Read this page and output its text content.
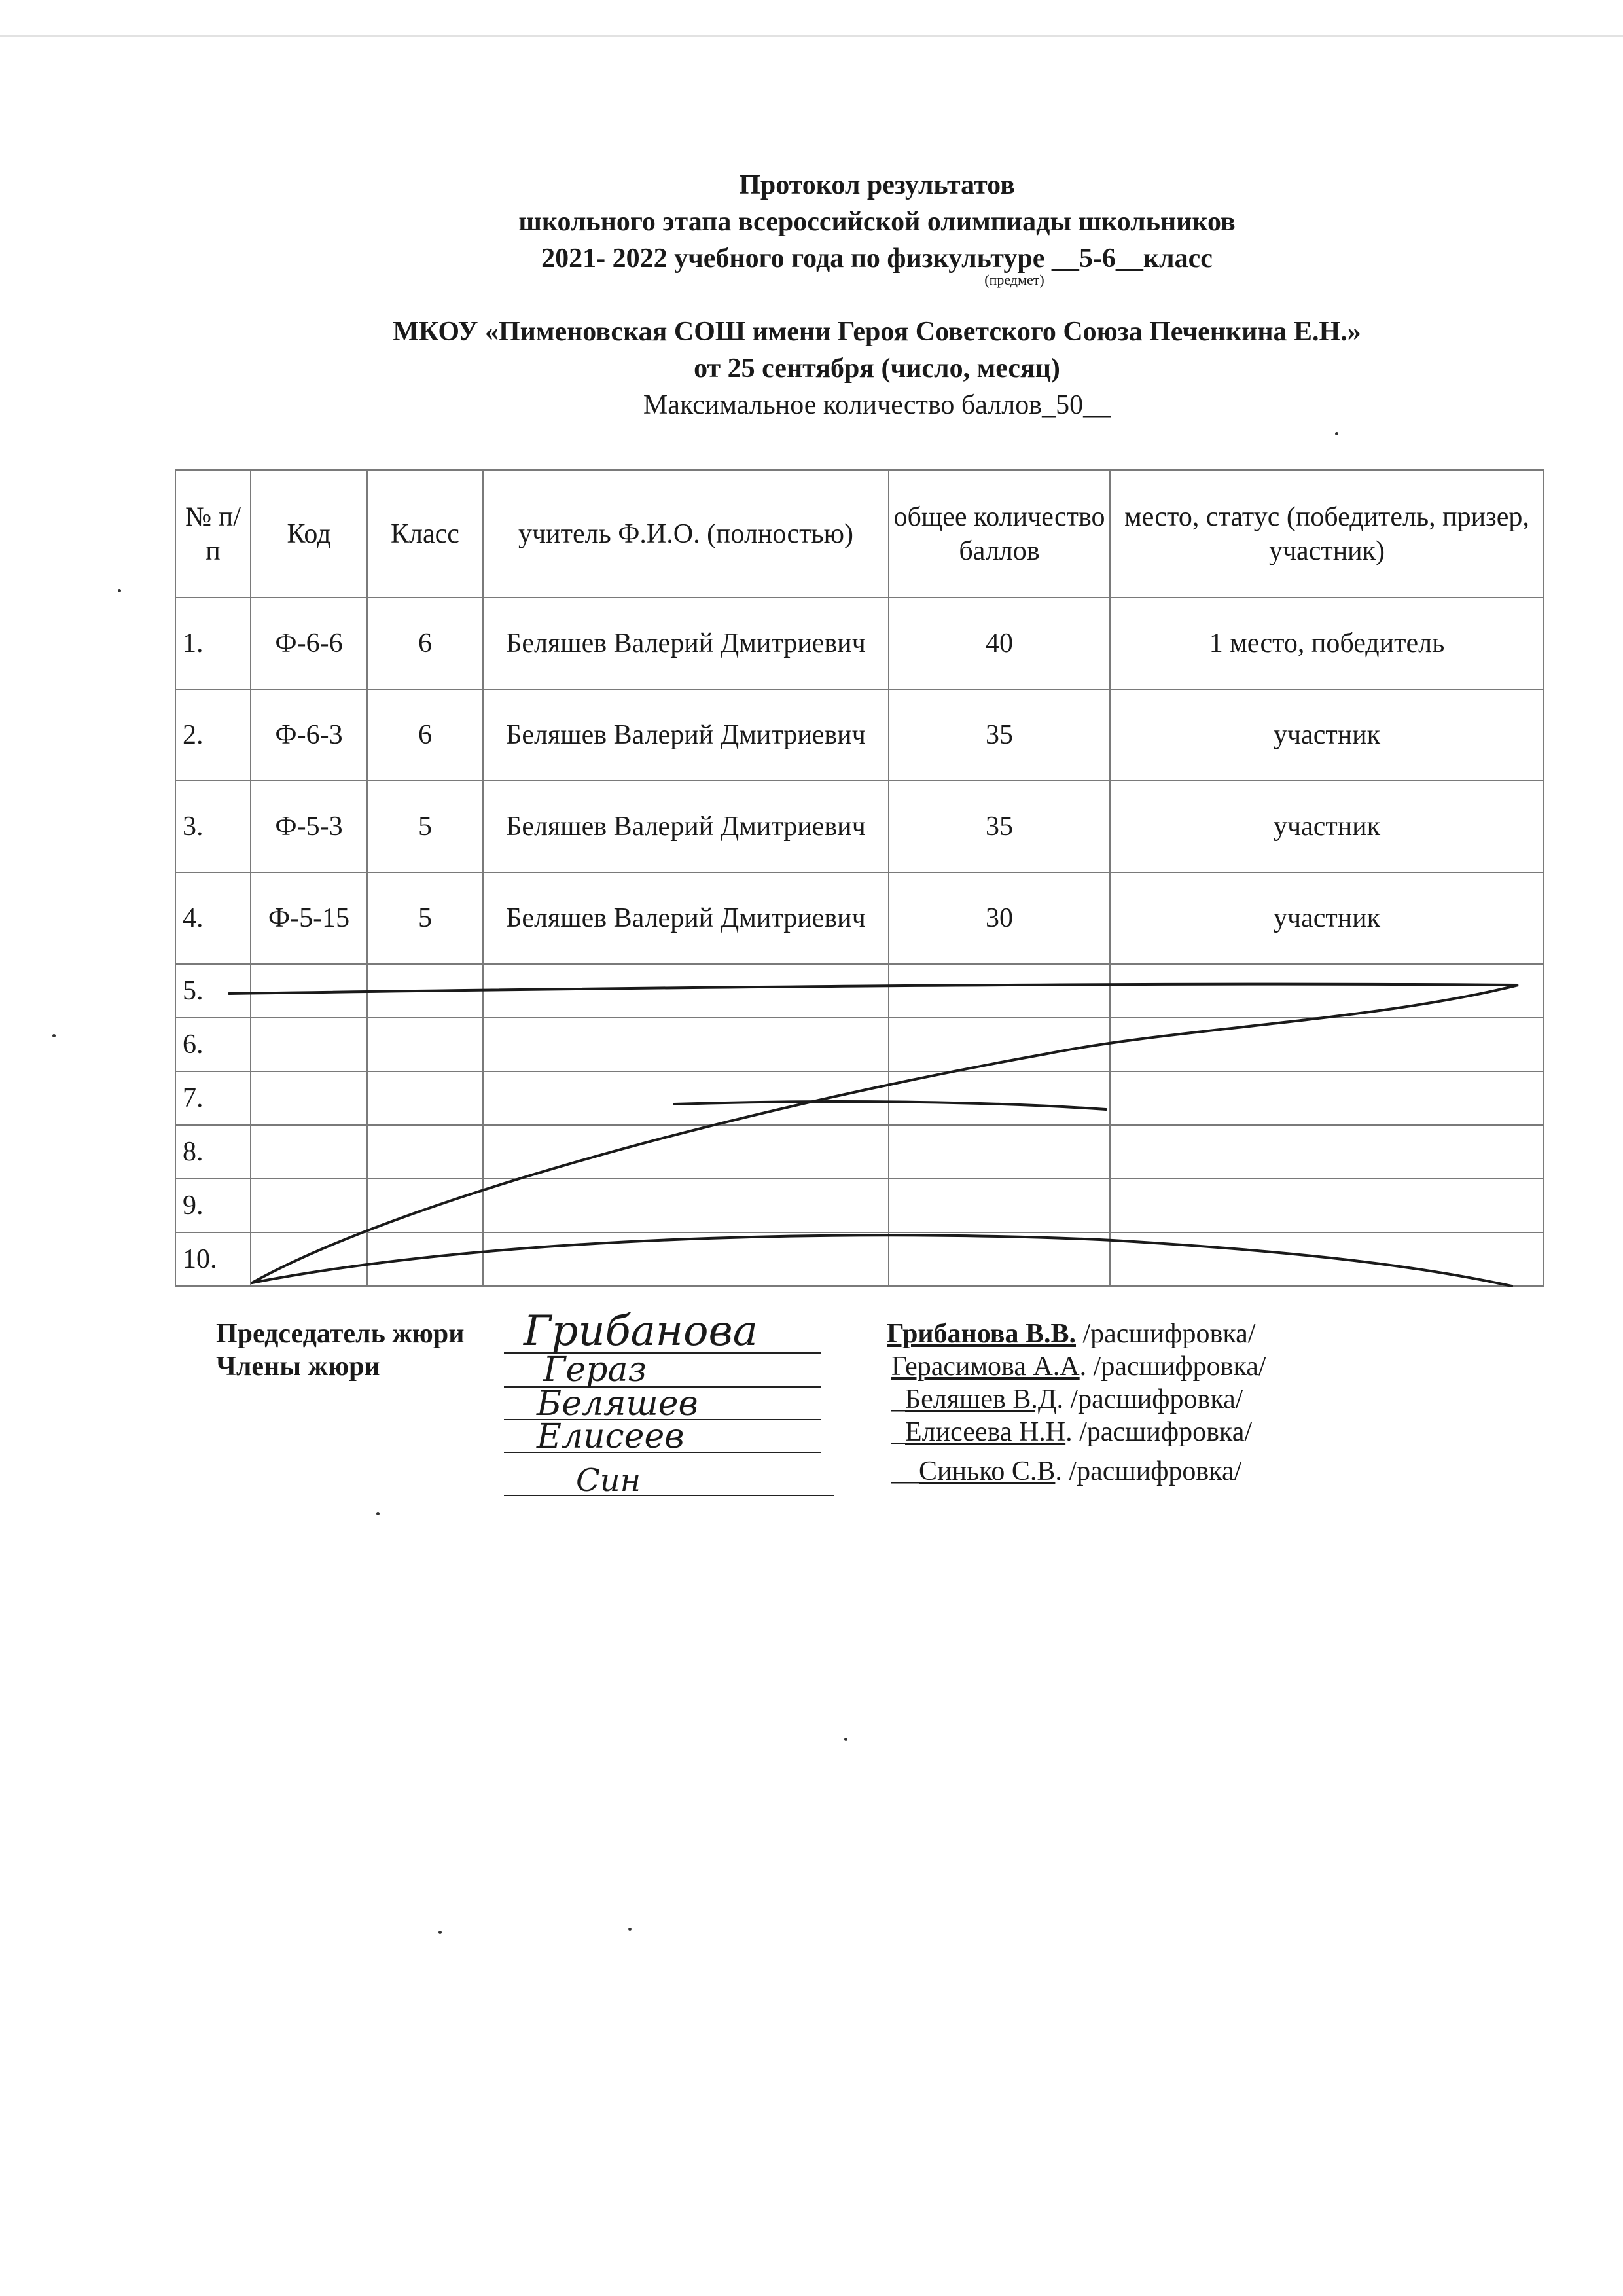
Протокол результатов
школьного этапа всероссийской олимпиады школьников
2021- 2022 учебного года по физкультуре __5-6__класс
(предмет)
МКОУ «Пименовская СОШ имени Героя Советского Союза Печенкина Е.Н.»
от 25 сентября (число, месяц)
Максимальное количество баллов_50__
№ п/п	Код	Класс	учитель Ф.И.О. (полностью)	общее количество баллов	место, статус (победитель, призер, участник)
1.	Ф-6-6	6	Беляшев Валерий Дмитриевич	40	1 место, победитель
2.	Ф-6-3	6	Беляшев Валерий Дмитриевич	35	участник
3.	Ф-5-3	5	Беляшев Валерий Дмитриевич	35	участник
4.	Ф-5-15	5	Беляшев Валерий Дмитриевич	30	участник
5.					
6.					
7.					
8.					
9.					
10.					
Председатель жюри
Члены жюри
Грибанова
Гераз
Беляшев
Елисеев
Син
Грибанова В.В. /расшифровка/
Герасимова А.А. /расшифровка/
_Беляшев В.Д. /расшифровка/
_Елисеева Н.Н. /расшифровка/
__Синько С.В. /расшифровка/
